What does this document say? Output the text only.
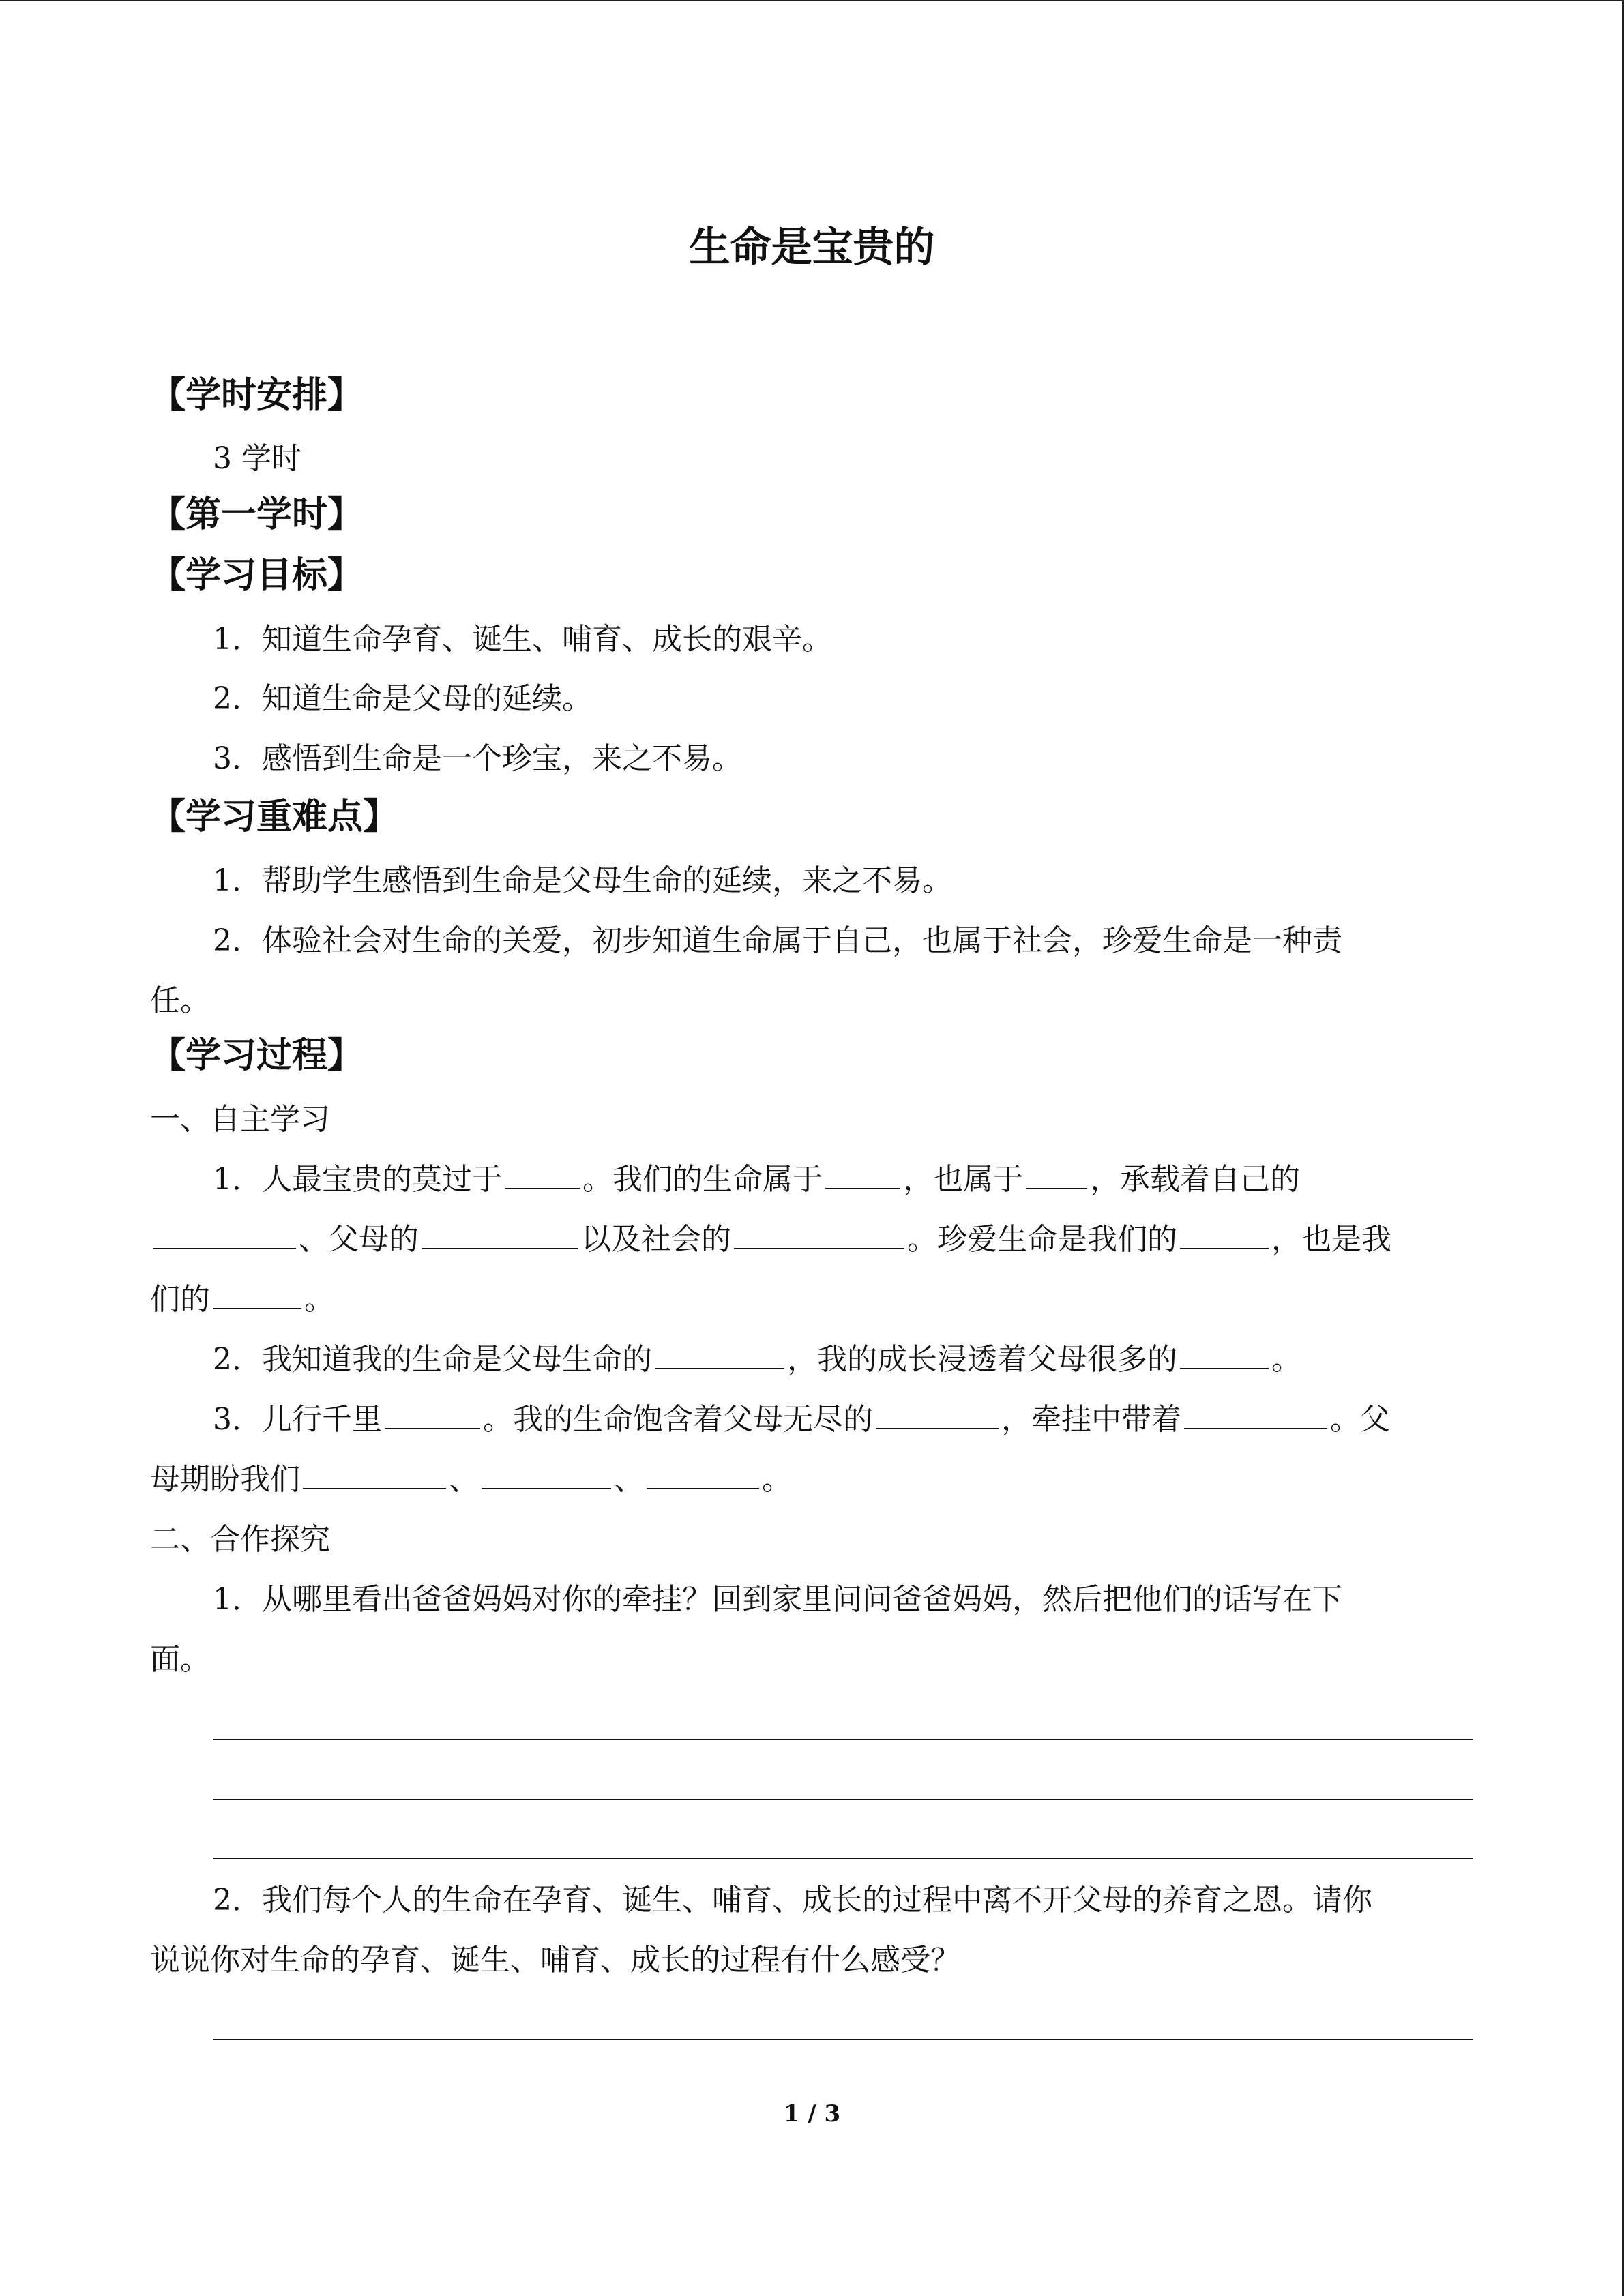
生命是宝贵的
【学时安排】
3 学时
【第一学时】
【学习目标】
1．知道生命孕育、诞生、哺育、成长的艰辛。
2．知道生命是父母的延续。
3．感悟到生命是一个珍宝，来之不易。
【学习重难点】
1．帮助学生感悟到生命是父母生命的延续，来之不易。
2．体验社会对生命的关爱，初步知道生命属于自己，也属于社会，珍爱生命是一种责
任。
【学习过程】
一、自主学习
1．人最宝贵的莫过于	。我们的生命属于	，也属于 ，承载着自己的
、父母的	以及社会的	。珍爱生命是我们的	，也是我
们的	。
2．我知道我的生命是父母生命的	，我的成长浸透着父母很多的	。
3．儿行千里	。我的生命饱含着父母无尽的	，牵挂中带着	。父
母期盼我们	、	、	。
二、合作探究
1．从哪里看出爸爸妈妈对你的牵挂？回到家里问问爸爸妈妈，然后把他们的话写在下
面。
2．我们每个人的生命在孕育、诞生、哺育、成长的过程中离不开父母的养育之恩。请你
说说你对生命的孕育、诞生、哺育、成长的过程有什么感受？
1 / 3
